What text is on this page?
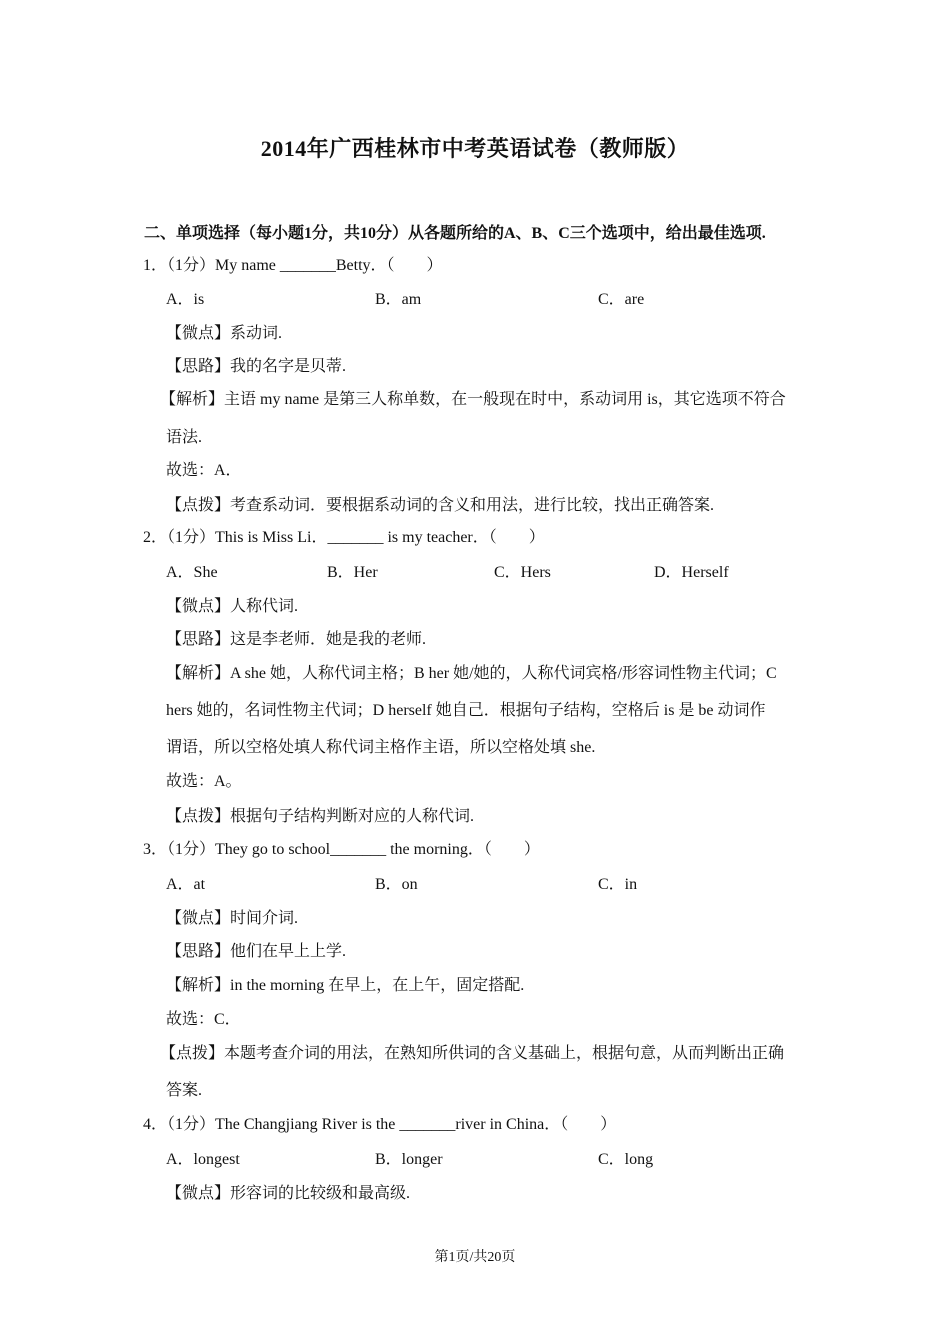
2014年广西桂林市中考英语试卷（教师版）
二、单项选择（每小题1分，共10分）从各题所给的A、B、C三个选项中，给出最佳选项.
1．（1分）My name _______Betty．（　　）
A．is	B．am	C．are
【微点】系动词.
【思路】我的名字是贝蒂.
【解析】主语 my name 是第三人称单数，在一般现在时中，系动词用 is，其它选项不符合
语法.
故选：A．
【点拨】考查系动词．要根据系动词的含义和用法，进行比较，找出正确答案.
2．（1分）This is Miss Li．_______ is my teacher．（　　）
A．She	B．Her	C．Hers	D．Herself
【微点】人称代词.
【思路】这是李老师．她是我的老师.
【解析】A she 她，人称代词主格；B her 她/她的，人称代词宾格/形容词性物主代词；C
hers 她的，名词性物主代词；D herself 她自己．根据句子结构，空格后 is 是 be 动词作
谓语，所以空格处填人称代词主格作主语，所以空格处填 she.
故选：A。
【点拨】根据句子结构判断对应的人称代词.
3．（1分）They go to school_______ the morning．（　　）
A．at	B．on	C．in
【微点】时间介词.
【思路】他们在早上上学.
【解析】in the morning 在早上，在上午，固定搭配.
故选：C．
【点拨】本题考查介词的用法，在熟知所供词的含义基础上，根据句意，从而判断出正确
答案.
4．（1分）The Changjiang River is the _______river in China．（　　）
A．longest	B．longer	C．long
【微点】形容词的比较级和最高级.
第1页/共20页
